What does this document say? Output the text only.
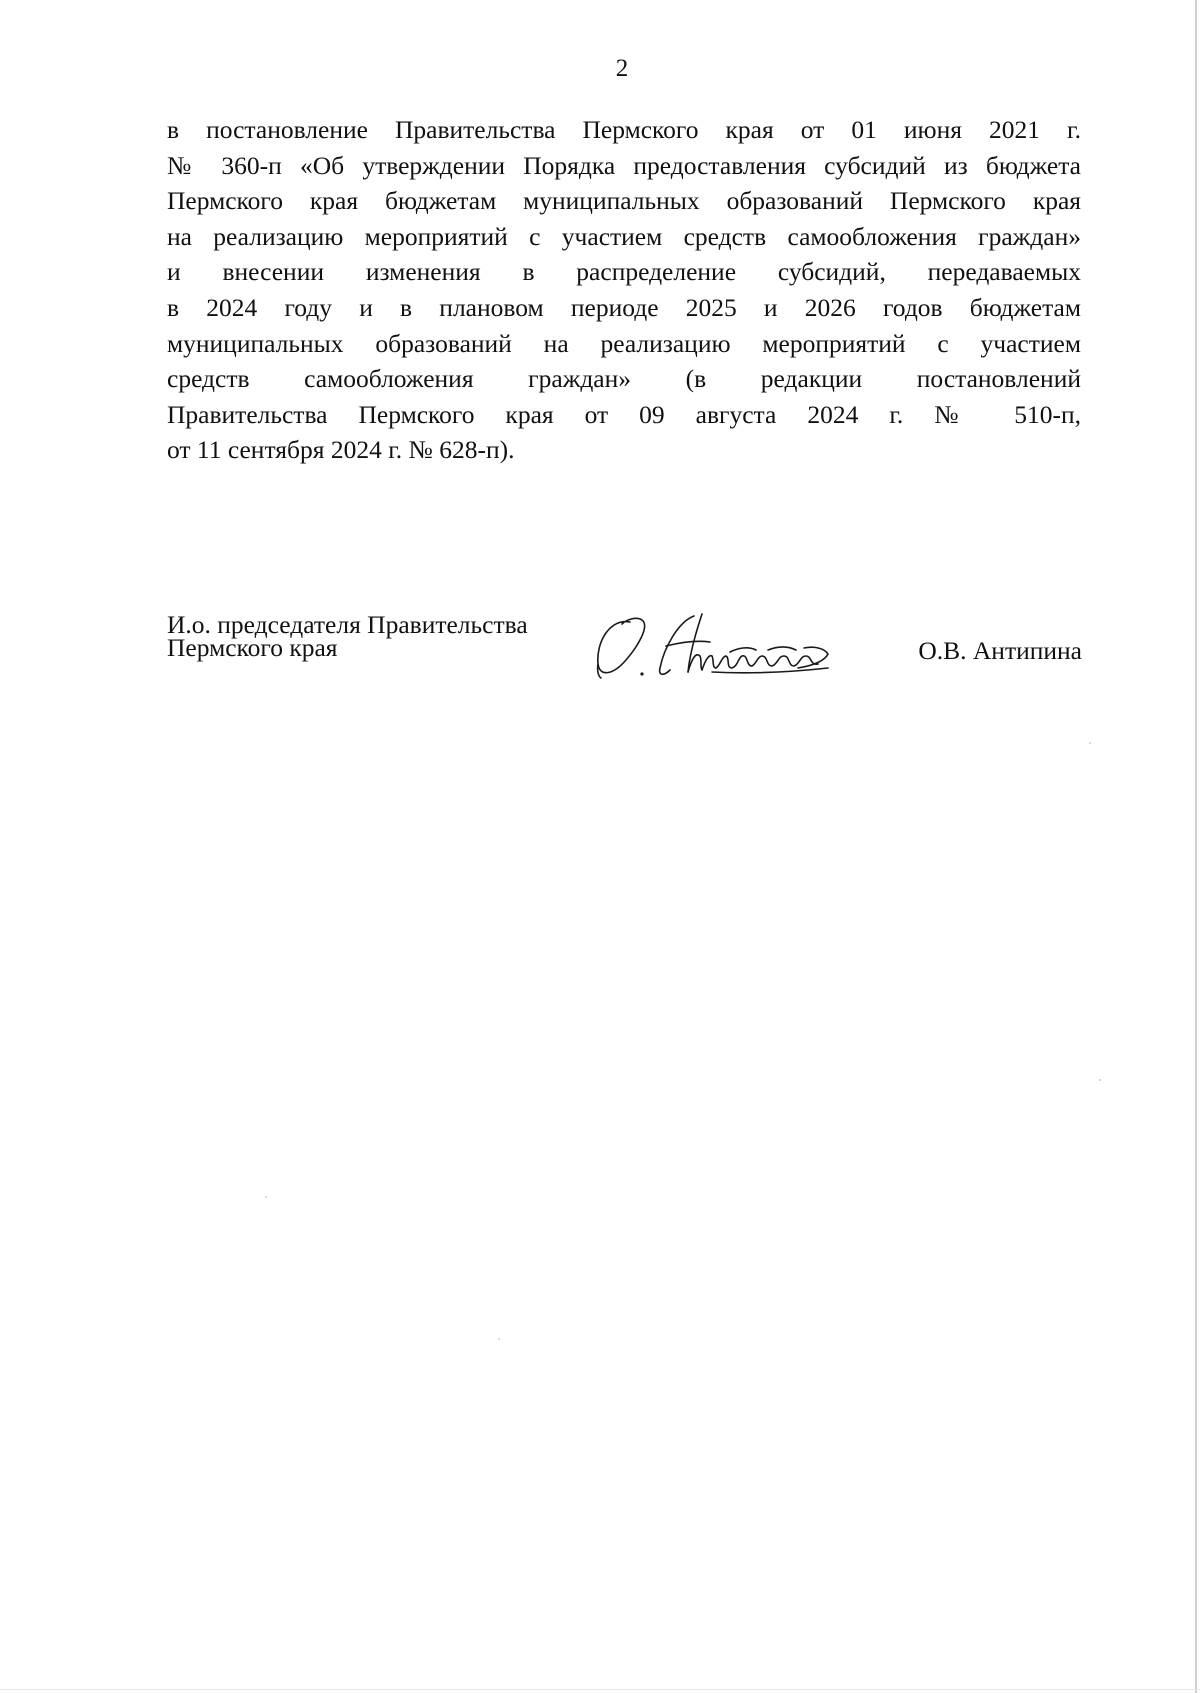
2
в постановление Правительства Пермского края от 01 июня 2021 г.
№ 360-п «Об утверждении Порядка предоставления субсидий из бюджета
Пермского края бюджетам муниципальных образований Пермского края
на реализацию мероприятий с участием средств самообложения граждан»
и внесении изменения в распределение субсидий, передаваемых
в 2024 году и в плановом периоде 2025 и 2026 годов бюджетам
муниципальных образований на реализацию мероприятий с участием
средств самообложения граждан» (в редакции постановлений
Правительства Пермского края от 09 августа 2024 г. № 510-п,
от 11 сентября 2024 г. № 628-п).
И.о. председателя Правительства
Пермского края	О.В. Антипина
